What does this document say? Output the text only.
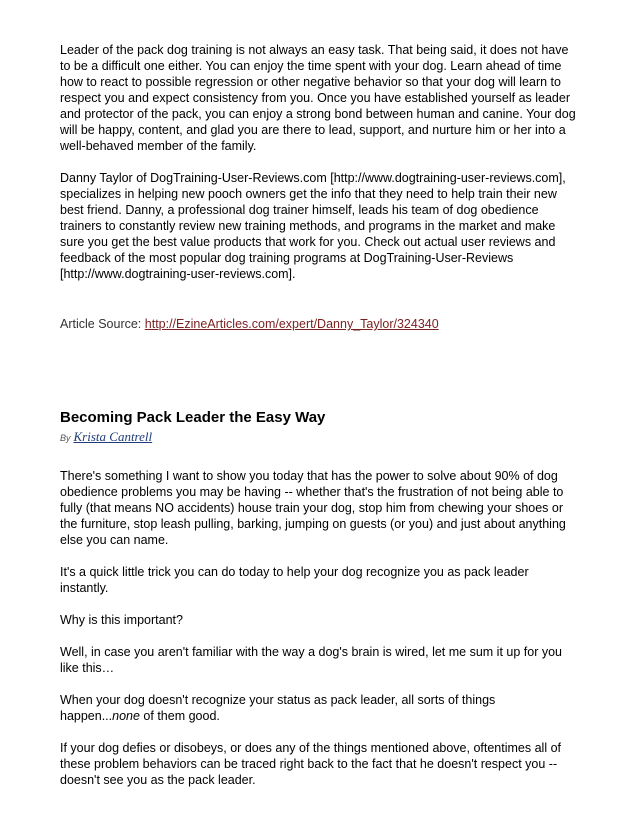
Leader of the pack dog training is not always an easy task. That being said, it does not have to be a difficult one either. You can enjoy the time spent with your dog. Learn ahead of time how to react to possible regression or other negative behavior so that your dog will learn to respect you and expect consistency from you. Once you have established yourself as leader and protector of the pack, you can enjoy a strong bond between human and canine. Your dog will be happy, content, and glad you are there to lead, support, and nurture him or her into a well-behaved member of the family.

Danny Taylor of DogTraining-User-Reviews.com [http://www.dogtraining-user-reviews.com], specializes in helping new pooch owners get the info that they need to help train their new best friend. Danny, a professional dog trainer himself, leads his team of dog obedience trainers to constantly review new training methods, and programs in the market and make sure you get the best value products that work for you. Check out actual user reviews and feedback of the most popular dog training programs at DogTraining-User-Reviews [http://www.dogtraining-user-reviews.com].

Article Source: http://EzineArticles.com/expert/Danny_Taylor/324340

Becoming Pack Leader the Easy Way
By Krista Cantrell

There's something I want to show you today that has the power to solve about 90% of dog obedience problems you may be having -- whether that's the frustration of not being able to fully (that means NO accidents) house train your dog, stop him from chewing your shoes or the furniture, stop leash pulling, barking, jumping on guests (or you) and just about anything else you can name.

It's a quick little trick you can do today to help your dog recognize you as pack leader instantly.

Why is this important?

Well, in case you aren't familiar with the way a dog's brain is wired, let me sum it up for you like this…

When your dog doesn't recognize your status as pack leader, all sorts of things happen...none of them good.

If your dog defies or disobeys, or does any of the things mentioned above, oftentimes all of these problem behaviors can be traced right back to the fact that he doesn't respect you -- doesn't see you as the pack leader.
